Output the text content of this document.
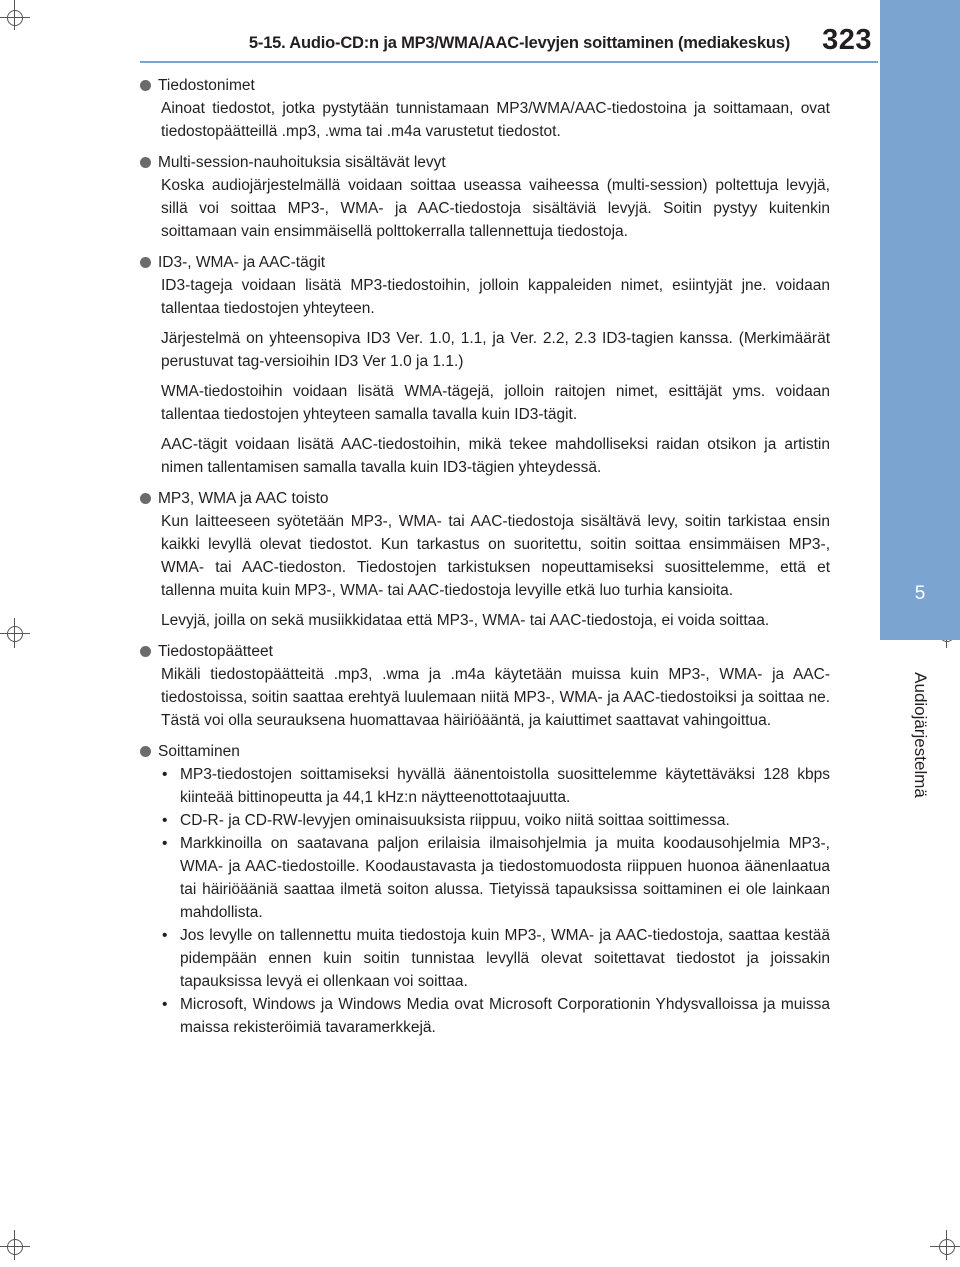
5
Audiojärjestelmä
5-15. Audio-CD:n ja MP3/WMA/AAC-levyjen soittaminen (mediakeskus) 323
Tiedostonimet

Ainoat tiedostot, jotka pystytään tunnistamaan MP3/WMA/AAC-tiedostoina ja soittamaan, ovat tiedostopäätteillä .mp3, .wma tai .m4a varustetut tiedostot.

Multi-session-nauhoituksia sisältävät levyt

Koska audiojärjestelmällä voidaan soittaa useassa vaiheessa (multi-session) poltettuja levyjä, sillä voi soittaa MP3-, WMA- ja AAC-tiedostoja sisältäviä levyjä. Soitin pystyy kuitenkin soittamaan vain ensimmäisellä polttokerralla tallennettuja tiedostoja.

ID3-, WMA- ja AAC-tägit

ID3-tageja voidaan lisätä MP3-tiedostoihin, jolloin kappaleiden nimet, esiintyjät jne. voidaan tallentaa tiedostojen yhteyteen.

Järjestelmä on yhteensopiva ID3 Ver. 1.0, 1.1, ja Ver. 2.2, 2.3 ID3-tagien kanssa. (Merkimäärät perustuvat tag-versioihin ID3 Ver 1.0 ja 1.1.)

WMA-tiedostoihin voidaan lisätä WMA-tägejä, jolloin raitojen nimet, esittäjät yms. voidaan tallentaa tiedostojen yhteyteen samalla tavalla kuin ID3-tägit.

AAC-tägit voidaan lisätä AAC-tiedostoihin, mikä tekee mahdolliseksi raidan otsikon ja artistin nimen tallentamisen samalla tavalla kuin ID3-tägien yhteydessä.

MP3, WMA ja AAC toisto

Kun laitteeseen syötetään MP3-, WMA- tai AAC-tiedostoja sisältävä levy, soitin tarkistaa ensin kaikki levyllä olevat tiedostot. Kun tarkastus on suoritettu, soitin soittaa ensimmäisen MP3-, WMA- tai AAC-tiedoston. Tiedostojen tarkistuksen nopeuttamiseksi suosittelemme, että et tallenna muita kuin MP3-, WMA- tai AAC-tiedostoja levyille etkä luo turhia kansioita.

Levyjä, joilla on sekä musiikkidataa että MP3-, WMA- tai AAC-tiedostoja, ei voida soittaa.

Tiedostopäätteet

Mikäli tiedostopäätteitä .mp3, .wma ja .m4a käytetään muissa kuin MP3-, WMA- ja AAC-tiedostoissa, soitin saattaa erehtyä luulemaan niitä MP3-, WMA- ja AAC-tiedostoiksi ja soittaa ne. Tästä voi olla seurauksena huomattavaa häiriöääntä, ja kaiuttimet saattavat vahingoittua.

Soittaminen
• MP3-tiedostojen soittamiseksi hyvällä äänentoistolla suosittelemme käytettäväksi 128 kbps kiinteää bittinopeutta ja 44,1 kHz:n näytteenottotaajuutta.
• CD-R- ja CD-RW-levyjen ominaisuuksista riippuu, voiko niitä soittaa soittimessa.
• Markkinoilla on saatavana paljon erilaisia ilmaisohjelmia ja muita koodausohjelmia MP3-, WMA- ja AAC-tiedostoille. Koodaustavasta ja tiedostomuodosta riippuen huonoa äänenlaatua tai häiriöääniä saattaa ilmetä soiton alussa. Tietyissä tapauksissa soittaminen ei ole lainkaan mahdollista.
• Jos levylle on tallennettu muita tiedostoja kuin MP3-, WMA- ja AAC-tiedostoja, saattaa kestää pidempään ennen kuin soitin tunnistaa levyllä olevat soitettavat tiedostot ja joissakin tapauksissa levyä ei ollenkaan voi soittaa.
• Microsoft, Windows ja Windows Media ovat Microsoft Corporationin Yhdysvalloissa ja muissa maissa rekisteröimiä tavaramerkkejä.
